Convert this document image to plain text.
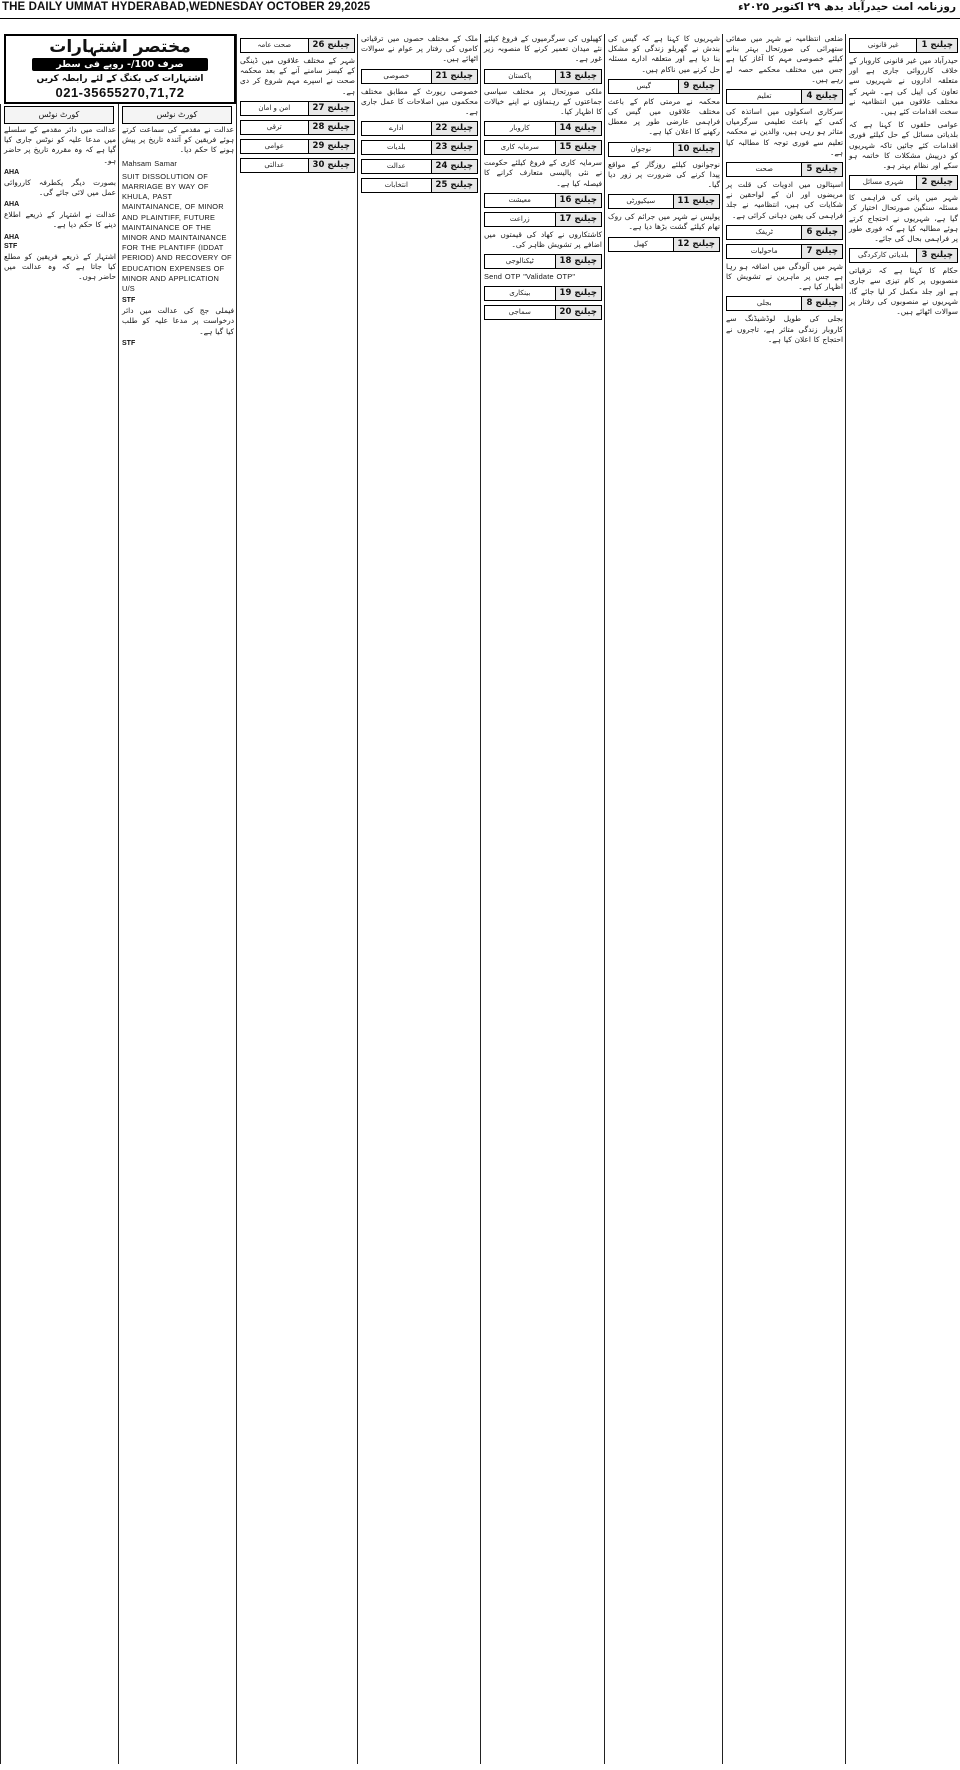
THE DAILY UMMAT HYDERABAD,WEDNESDAY OCTOBER 29,2025	روزنامہ امت حیدرآباد بدھ ۲۹ اکتوبر ۲۰۲۵ء
مختصر اشتہارات
صرف 100/- روپے فی سطر
اشتہارات کی بکنگ کے لئے رابطہ کریں
021-35655270,71,72
چیلنج 1
غیر قانونی

حیدرآباد میں غیر قانونی کاروبار کے خلاف کارروائی جاری ہے اور متعلقہ اداروں نے شہریوں سے تعاون کی اپیل کی ہے۔ شہر کے مختلف علاقوں میں انتظامیہ نے سخت اقدامات کئے ہیں۔

عوامی حلقوں کا کہنا ہے کہ بلدیاتی مسائل کے حل کیلئے فوری اقدامات کئے جائیں تاکہ شہریوں کو درپیش مشکلات کا خاتمہ ہو سکے اور نظام بہتر ہو۔

چیلنج 2
شہری مسائل

شہر میں پانی کی فراہمی کا مسئلہ سنگین صورتحال اختیار کر گیا ہے، شہریوں نے احتجاج کرتے ہوئے مطالبہ کیا ہے کہ فوری طور پر فراہمی بحال کی جائے۔

چیلنج 3
بلدیاتی کارکردگی

حکام کا کہنا ہے کہ ترقیاتی منصوبوں پر کام تیزی سے جاری ہے اور جلد مکمل کر لیا جائے گا، شہریوں نے منصوبوں کی رفتار پر سوالات اٹھائے ہیں۔

ضلعی انتظامیہ نے شہر میں صفائی ستھرائی کی صورتحال بہتر بنانے کیلئے خصوصی مہم کا آغاز کیا ہے جس میں مختلف محکمے حصہ لے رہے ہیں۔

چیلنج 4
تعلیم

سرکاری اسکولوں میں اساتذہ کی کمی کے باعث تعلیمی سرگرمیاں متاثر ہو رہی ہیں، والدین نے محکمہ تعلیم سے فوری توجہ کا مطالبہ کیا ہے۔

چیلنج 5
صحت

اسپتالوں میں ادویات کی قلت پر مریضوں اور ان کے لواحقین نے شکایات کی ہیں، انتظامیہ نے جلد فراہمی کی یقین دہانی کرائی ہے۔

چیلنج 6
ٹریفک
چیلنج 7
ماحولیات

شہر میں آلودگی میں اضافہ ہو رہا ہے جس پر ماہرین نے تشویش کا اظہار کیا ہے۔

چیلنج 8
بجلی

بجلی کی طویل لوڈشیڈنگ سے کاروبار زندگی متاثر ہے، تاجروں نے احتجاج کا اعلان کیا ہے۔

شہریوں کا کہنا ہے کہ گیس کی بندش نے گھریلو زندگی کو مشکل بنا دیا ہے اور متعلقہ ادارے مسئلہ حل کرنے میں ناکام ہیں۔

چیلنج 9
گیس

محکمہ نے مرمتی کام کے باعث مختلف علاقوں میں گیس کی فراہمی عارضی طور پر معطل رکھنے کا اعلان کیا ہے۔

چیلنج 10
نوجوان

نوجوانوں کیلئے روزگار کے مواقع پیدا کرنے کی ضرورت پر زور دیا گیا۔

چیلنج 11
سیکیورٹی

پولیس نے شہر میں جرائم کی روک تھام کیلئے گشت بڑھا دیا ہے۔

چیلنج 12
کھیل

کھیلوں کی سرگرمیوں کے فروغ کیلئے نئے میدان تعمیر کرنے کا منصوبہ زیر غور ہے۔

چیلنج 13
پاکستان

ملکی صورتحال پر مختلف سیاسی جماعتوں کے رہنماؤں نے اپنے خیالات کا اظہار کیا۔

چیلنج 14
کاروبار
چیلنج 15
سرمایہ کاری

سرمایہ کاری کے فروغ کیلئے حکومت نے نئی پالیسی متعارف کرانے کا فیصلہ کیا ہے۔

چیلنج 16
معیشت
چیلنج 17
زراعت

کاشتکاروں نے کھاد کی قیمتوں میں اضافے پر تشویش ظاہر کی۔

چیلنج 18
ٹیکنالوجی

Send OTP "Validate OTP"

چیلنج 19
بینکاری
چیلنج 20
سماجی

ملک کے مختلف حصوں میں ترقیاتی کاموں کی رفتار پر عوام نے سوالات اٹھائے ہیں۔

چیلنج 21
خصوصی

خصوصی رپورٹ کے مطابق مختلف محکموں میں اصلاحات کا عمل جاری ہے۔

چیلنج 22
ادارے
چیلنج 23
بلدیات
چیلنج 24
عدالت
چیلنج 25
انتخابات
چیلنج 26
صحت عامہ

شہر کے مختلف علاقوں میں ڈینگی کے کیسز سامنے آنے کے بعد محکمہ صحت نے اسپرے مہم شروع کر دی ہے۔

چیلنج 27
امن و امان
چیلنج 28
ترقی
چیلنج 29
عوامی
چیلنج 30
عدالتی
کورٹ نوٹس

عدالت نے مقدمے کی سماعت کرتے ہوئے فریقین کو آئندہ تاریخ پر پیش ہونے کا حکم دیا۔

Mahsam Samar

SUIT DISSOLUTION OF MARRIAGE BY WAY OF KHULA, PAST MAINTAINANCE, OF MINOR AND PLAINTIFF, FUTURE MAINTAINANCE OF THE MINOR AND MAINTAINANCE FOR THE PLANTIFF (IDDAT PERIOD) AND RECOVERY OF EDUCATION EXPENSES OF MINOR AND APPLICATION U/S

STF

فیملی جج کی عدالت میں دائر درخواست پر مدعا علیہ کو طلب کیا گیا ہے۔

STF
کورٹ نوٹس

عدالت میں دائر مقدمے کے سلسلے میں مدعا علیہ کو نوٹس جاری کیا گیا ہے کہ وہ مقررہ تاریخ پر حاضر ہو۔

AHA

بصورت دیگر یکطرفہ کارروائی عمل میں لائی جائے گی۔

AHA

عدالت نے اشتہار کے ذریعے اطلاع دینے کا حکم دیا ہے۔

AHA
STF

اشتہار کے ذریعے فریقین کو مطلع کیا جاتا ہے کہ وہ عدالت میں حاضر ہوں۔
